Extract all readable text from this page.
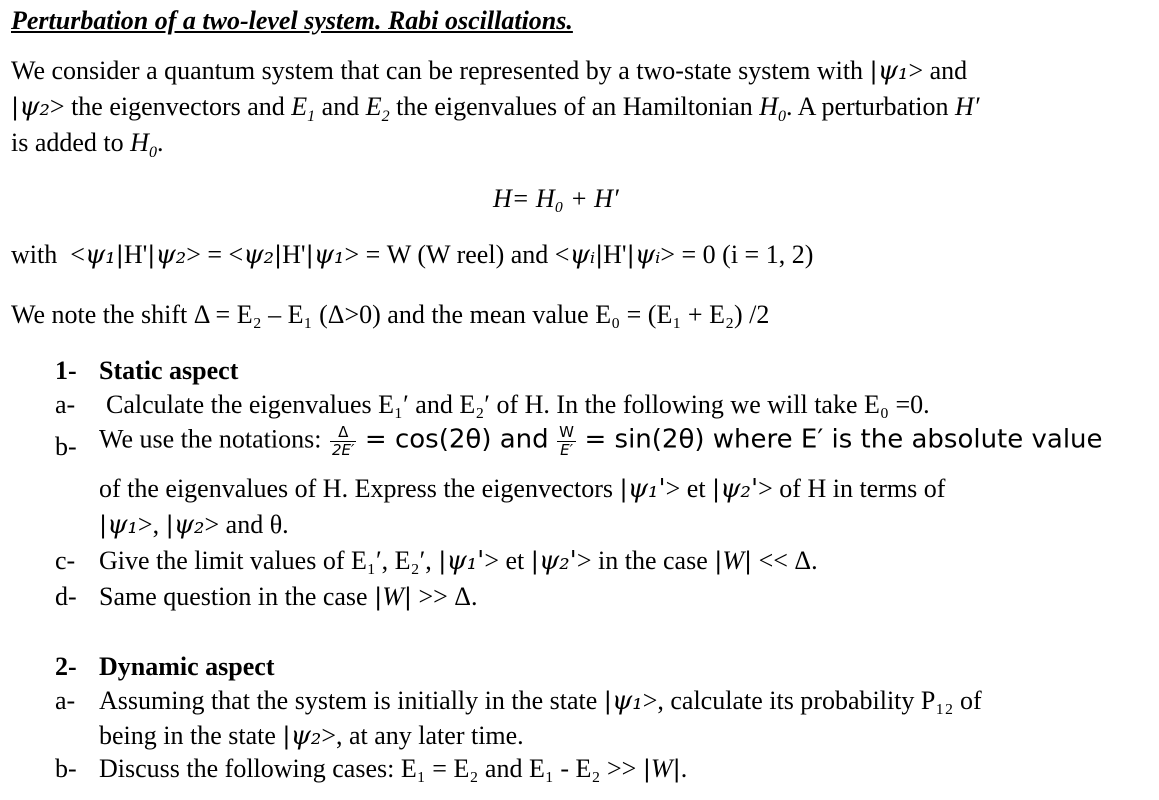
Perturbation of a two-level system. Rabi oscillations.
We consider a quantum system that can be represented by a two-state system with |ψ₁> and
|ψ₂> the eigenvectors and $E_1$ and $E_2$ the eigenvalues of an Hamiltonian $H_0$. A perturbation H′
is added to $H_0$.
H= H₀ + H′
with  <ψ₁|H'|ψ₂> = <ψ₂|H'|ψ₁> = W (W reel) and <ψᵢ|H'|ψᵢ> = 0 (i = 1, 2)
We note the shift Δ = E₂ – E₁ (Δ>0) and the mean value E₀ = (E₁ + E₂) /2
1- Static aspect
a- Calculate the eigenvalues E₁′ and E₂′ of H. In the following we will take E₀ =0.
b- We use the notations: $\frac{\Delta}{2E'} = \cos(2\theta)$ and $\frac{W}{E'} = \sin(2\theta)$ where E′ is the absolute value
of the eigenvalues of H. Express the eigenvectors |ψ₁'> et |ψ₂'> of H in terms of
|ψ₁>, |ψ₂> and θ.
c- Give the limit values of E₁′, E₂′, |ψ₁'> et |ψ₂'> in the case |W| << Δ.
d- Same question in the case |W| >> Δ.
2- Dynamic aspect
a- Assuming that the system is initially in the state |ψ₁>, calculate its probability P₁₂ of
being in the state |ψ₂>, at any later time.
b- Discuss the following cases: E₁ = E₂ and E₁ - E₂ >> |W|.
